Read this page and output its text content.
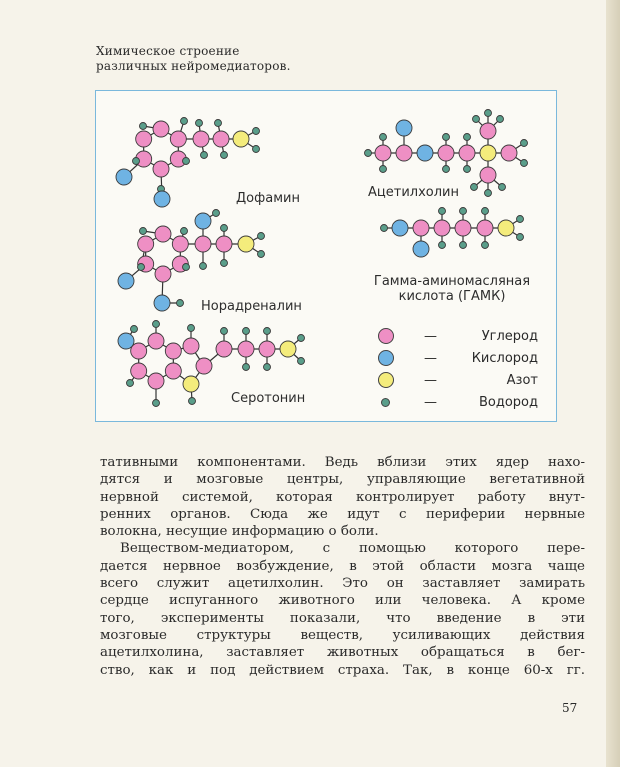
Химическое строение
различных нейромедиаторов.
Дофамин
Норадреналин
Серотонин
Ацетилхолин
Гамма-аминомасляная
кислота (ГАМК)
—	Углерод
—	Кислород
—	Азот
—	Водород

тативными компонентами. Ведь вблизи этих ядер нахо-
дятся и мозговые центры, управляющие вегетативной
нервной системой, которая контролирует работу внут-
ренних органов. Сюда же идут с периферии нервные
волокна, несущие информацию о боли.

Веществом-медиатором, с помощью которого пере-
дается нервное возбуждение, в этой области мозга чаще
всего служит ацетилхолин. Это он заставляет замирать
сердце испуганного животного или человека. А кроме
того, эксперименты показали, что введение в эти
мозговые структуры веществ, усиливающих действия
ацетилхолина, заставляет животных обращаться в бег-
ство, как и под действием страха. Так, в конце 60-х гг.

57
